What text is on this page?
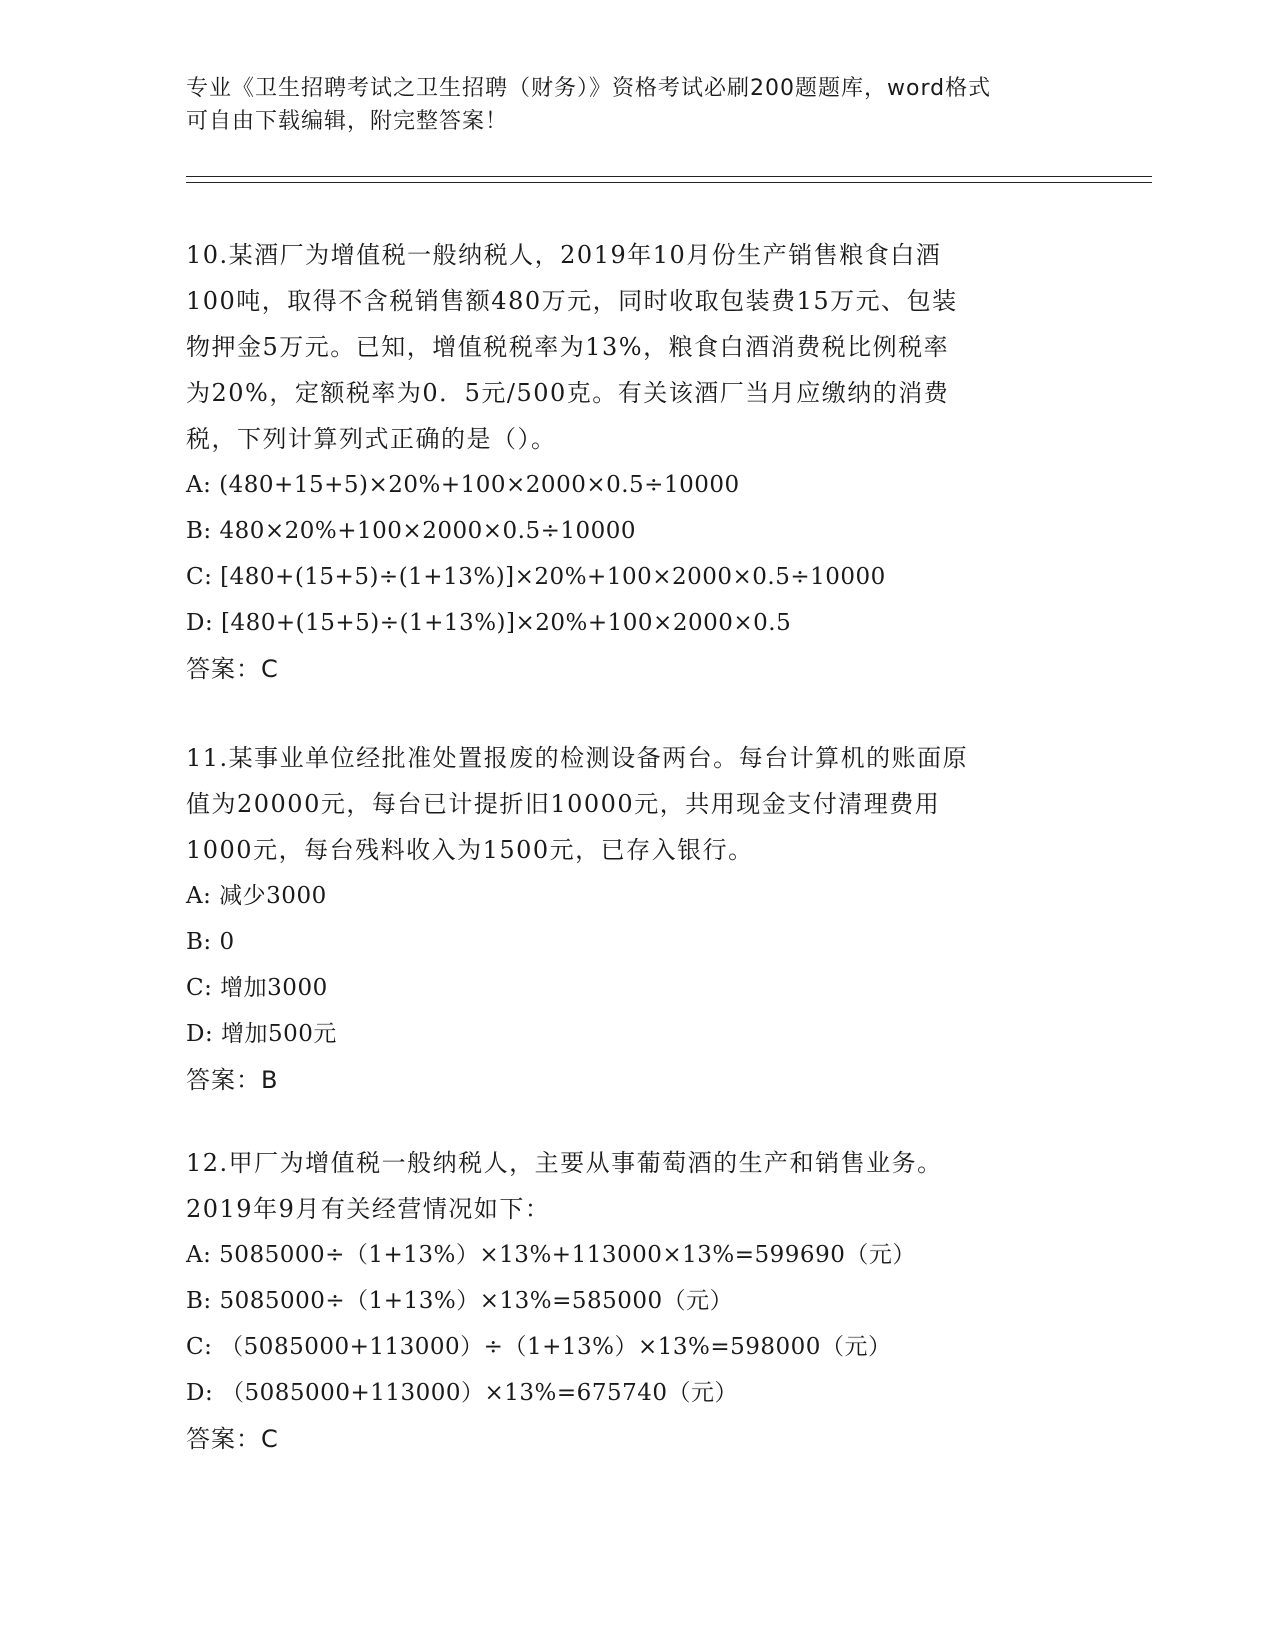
专业《卫生招聘考试之卫生招聘（财务）》资格考试必刷200题题库，word格式
可自由下载编辑，附完整答案！
10.某酒厂为增值税一般纳税人，2019年10月份生产销售粮食白酒
100吨，取得不含税销售额480万元，同时收取包装费15万元、包装
物押金5万元。已知，增值税税率为13%，粮食白酒消费税比例税率
为20%，定额税率为0．5元/500克。有关该酒厂当月应缴纳的消费
税，下列计算列式正确的是（）。
A: (480+15+5)×20%+100×2000×0.5÷10000
B: 480×20%+100×2000×0.5÷10000
C: [480+(15+5)÷(1+13%)]×20%+100×2000×0.5÷10000
D: [480+(15+5)÷(1+13%)]×20%+100×2000×0.5
答案：C
11.某事业单位经批准处置报废的检测设备两台。每台计算机的账面原
值为20000元，每台已计提折旧10000元，共用现金支付清理费用
1000元，每台残料收入为1500元，已存入银行。
A: 减少3000
B: 0
C: 增加3000
D: 增加500元
答案：B
12.甲厂为增值税一般纳税人，主要从事葡萄酒的生产和销售业务。
2019年9月有关经营情况如下：
A: 5085000÷（1+13%）×13%+113000×13%=599690（元）
B: 5085000÷（1+13%）×13%=585000（元）
C: （5085000+113000）÷（1+13%）×13%=598000（元）
D: （5085000+113000）×13%=675740（元）
答案：C
